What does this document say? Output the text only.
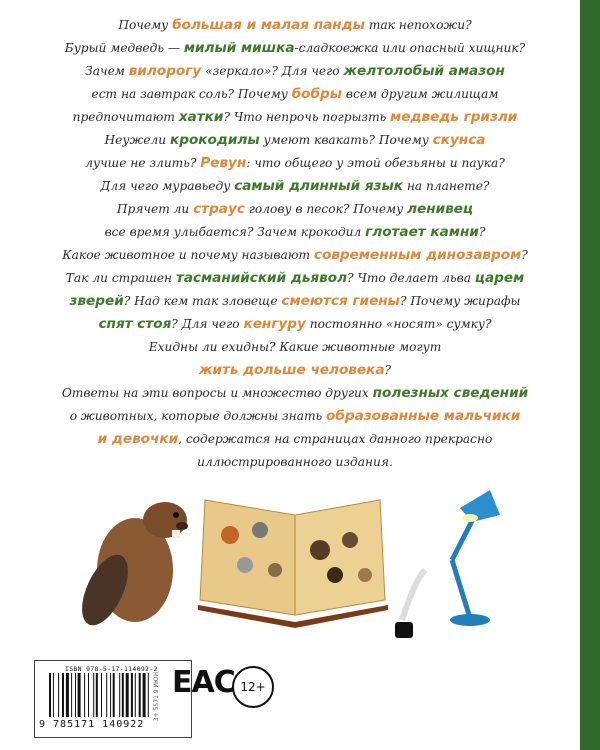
Почему большая и малая панды так непохожи?
Бурый медведь — милый мишка-сладкоежка или опасный хищник?
Зачем вилорогу «зеркало»? Для чего желтолобый амазон
ест на завтрак соль? Почему бобры всем другим жилищам
предпочитают хатки? Что непрочь погрызть медведь гризли
Неужели крокодилы умеют квакать? Почему скунса
лучше не злить? Ревун: что общего у этой обезьяны и паука?
Для чего муравьеду самый длинный язык на планете?
Прячет ли страус голову в песок? Почему ленивец
все время улыбается? Зачем крокодил глотает камни?
Какое животное и почему называют современным динозавром?
Так ли страшен тасманийский дьявол? Что делает льва царем
зверей? Над кем так зловеще смеются гиены? Почему жирафы
спят стоя? Для чего кенгуру постоянно «носят» сумку?
Ехидны ли ехидны? Какие животные могут
жить дольше человека?
Ответы на эти вопросы и множество других полезных сведений
о животных, которые должны знать образованные мальчики
и девочки, содержатся на страницах данного прекрасно
иллюстрированного издания.
ISBN 978-5-17-114092-2
9 785171 140922
3+ 5571 9 ИЮН ЕАС 12+
